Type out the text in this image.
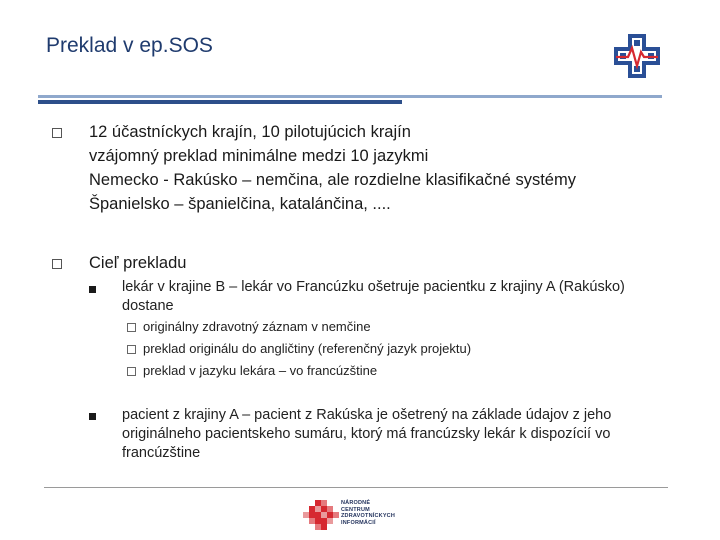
Preklad v ep.SOS
12 účastníckych krajín, 10 pilotujúcich krajín
vzájomný preklad minimálne medzi 10 jazykmi
Nemecko - Rakúsko – nemčina, ale rozdielne klasifikačné systémy
Španielsko – španielčina, katalánčina, ....
Cieľ prekladu
lekár v krajine B – lekár vo Francúzku ošetruje pacientku z krajiny A (Rakúsko) dostane
originálny zdravotný záznam v nemčine
preklad originálu do angličtiny (referenčný jazyk projektu)
preklad v jazyku lekára – vo francúzštine
pacient z krajiny A – pacient z Rakúska je ošetrený na základe údajov z jeho originálneho pacientskeho sumáru, ktorý má francúzsky lekár k dispozícií vo francúzštine
NÁRODNÉ
CENTRUM
ZDRAVOTNÍCKYCH
INFORMÁCIÍ
